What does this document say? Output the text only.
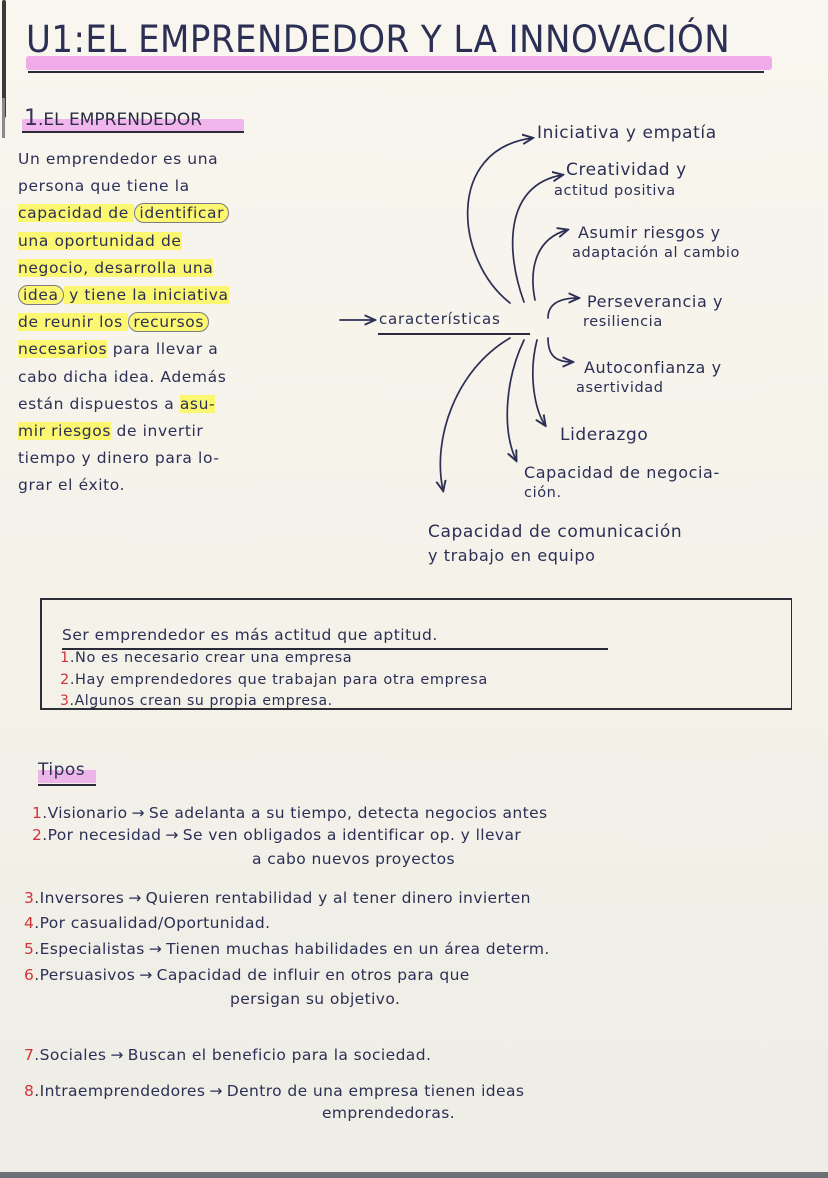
U1:EL EMPRENDEDOR Y LA INNOVACIÓN
1.EL EMPRENDEDOR
Un emprendedor es una
persona que tiene la
capacidad de identificar
una oportunidad de
negocio, desarrolla una
idea y tiene la iniciativa
de reunir los recursos
necesarios para llevar a
cabo dicha idea. Además
están dispuestos a asu-
mir riesgos de invertir
tiempo y dinero para lo-
grar el éxito.
características
Iniciativa y empatía
Creatividad y
actitud positiva
Asumir riesgos y
adaptación al cambio
Perseverancia y
resiliencia
Autoconfianza y
asertividad
Liderazgo
Capacidad de negocia-
ción.
Capacidad de comunicación
y trabajo en equipo
Ser emprendedor es más actitud que aptitud.
1.No es necesario crear una empresa
2.Hay emprendedores que trabajan para otra empresa
3.Algunos crean su propia empresa.
Tipos
1.Visionario → Se adelanta a su tiempo, detecta negocios antes
2.Por necesidad → Se ven obligados a identificar op. y llevar
a cabo nuevos proyectos
3.Inversores → Quieren rentabilidad y al tener dinero invierten
4.Por casualidad/Oportunidad.
5.Especialistas → Tienen muchas habilidades en un área determ.
6.Persuasivos → Capacidad de influir en otros para que
persigan su objetivo.
7.Sociales → Buscan el beneficio para la sociedad.
8.Intraemprendedores → Dentro de una empresa tienen ideas
emprendedoras.
